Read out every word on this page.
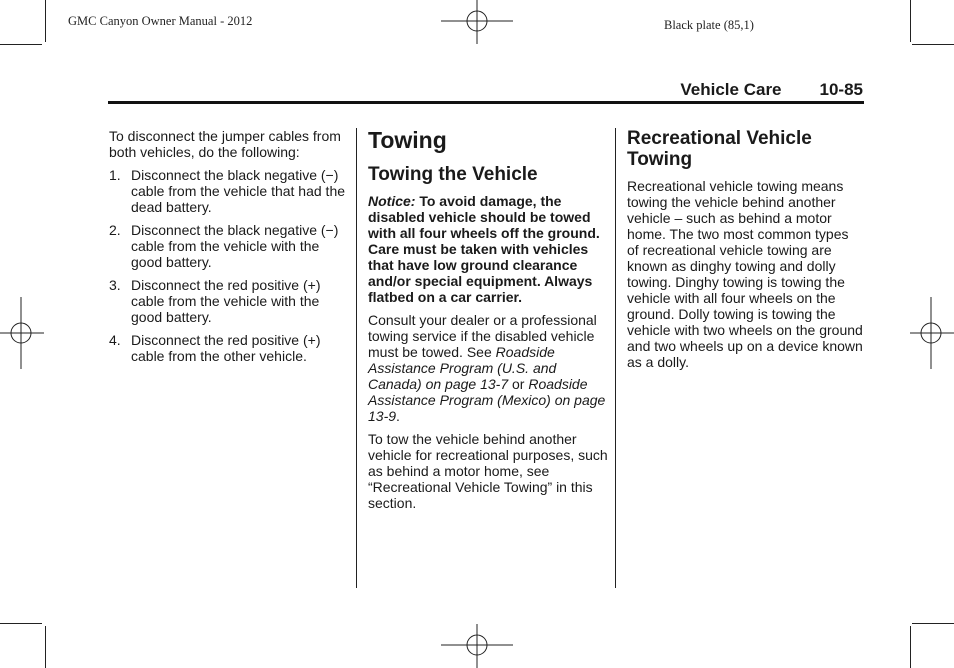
GMC Canyon Owner Manual - 2012	Black plate (85,1)
Vehicle Care 10-85

To disconnect the jumper cables from both vehicles, do the following:

1. Disconnect the black negative (−) cable from the vehicle that had the dead battery.
2. Disconnect the black negative (−) cable from the vehicle with the good battery.
3. Disconnect the red positive (+) cable from the vehicle with the good battery.
4. Disconnect the red positive (+) cable from the other vehicle.
Towing
Towing the Vehicle

Notice: To avoid damage, the disabled vehicle should be towed with all four wheels off the ground. Care must be taken with vehicles that have low ground clearance and/or special equipment. Always flatbed on a car carrier.

Consult your dealer or a professional towing service if the disabled vehicle must be towed. See Roadside Assistance Program (U.S. and Canada) on page 13-7 or Roadside Assistance Program (Mexico) on page 13-9.

To tow the vehicle behind another vehicle for recreational purposes, such as behind a motor home, see “Recreational Vehicle Towing” in this section.

Recreational Vehicle Towing

Recreational vehicle towing means towing the vehicle behind another vehicle – such as behind a motor home. The two most common types of recreational vehicle towing are known as dinghy towing and dolly towing. Dinghy towing is towing the vehicle with all four wheels on the ground. Dolly towing is towing the vehicle with two wheels on the ground and two wheels up on a device known as a dolly.
